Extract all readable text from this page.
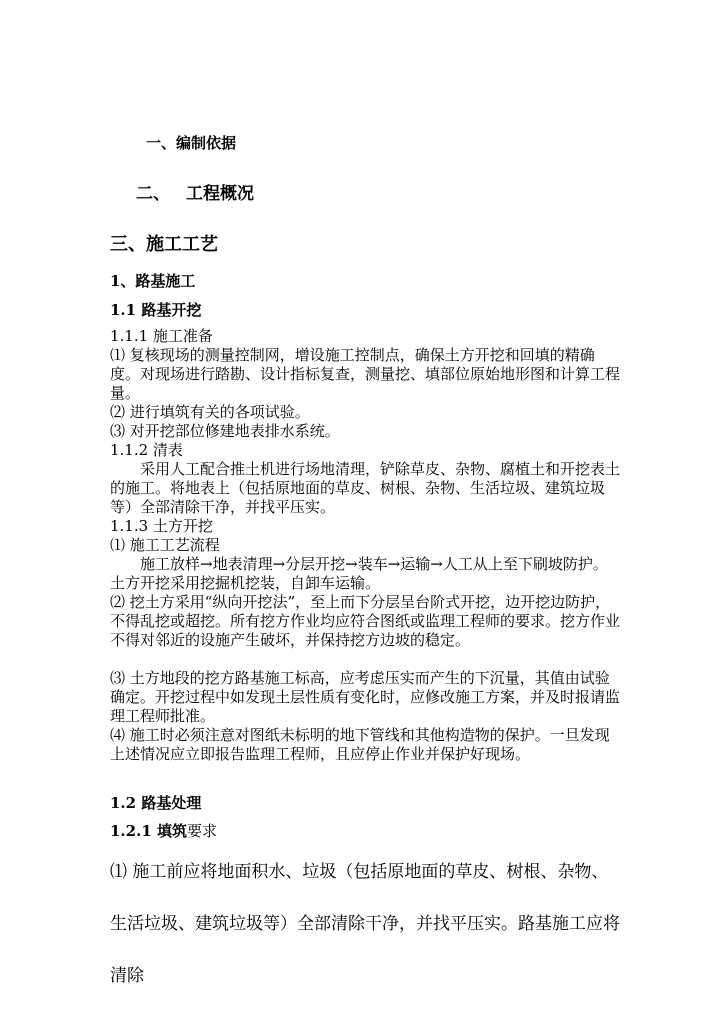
一、编制依据
二、 工程概况
三、施工工艺
1、路基施工
1.1 路基开挖
1.1.1 施工准备
⑴ 复核现场的测量控制网，增设施工控制点，确保土方开挖和回填的精确度。对现场进行踏勘、设计指标复查，测量挖、填部位原始地形图和计算工程量。
⑵ 进行填筑有关的各项试验。
⑶ 对开挖部位修建地表排水系统。
1.1.2 清表
采用人工配合推土机进行场地清理，铲除草皮、杂物、腐植土和开挖表土的施工。将地表上（包括原地面的草皮、树根、杂物、生活垃圾、建筑垃圾等）全部清除干净，并找平压实。
1.1.3 土方开挖
⑴ 施工工艺流程
施工放样→地表清理→分层开挖→装车→运输→人工从上至下刷坡防护。土方开挖采用挖掘机挖装，自卸车运输。
⑵ 挖土方采用“纵向开挖法”，至上而下分层呈台阶式开挖，边开挖边防护，不得乱挖或超挖。所有挖方作业均应符合图纸或监理工程师的要求。挖方作业不得对邻近的设施产生破坏，并保持挖方边坡的稳定。
⑶ 土方地段的挖方路基施工标高，应考虑压实而产生的下沉量，其值由试验确定。开挖过程中如发现土层性质有变化时，应修改施工方案，并及时报请监理工程师批准。
⑷ 施工时必须注意对图纸未标明的地下管线和其他构造物的保护。一旦发现上述情况应立即报告监理工程师，且应停止作业并保护好现场。
1.2 路基处理
1.2.1 填筑要求
⑴ 施工前应将地面积水、垃圾（包括原地面的草皮、树根、杂物、生活垃圾、建筑垃圾等）全部清除干净，并找平压实。路基施工应将清除
